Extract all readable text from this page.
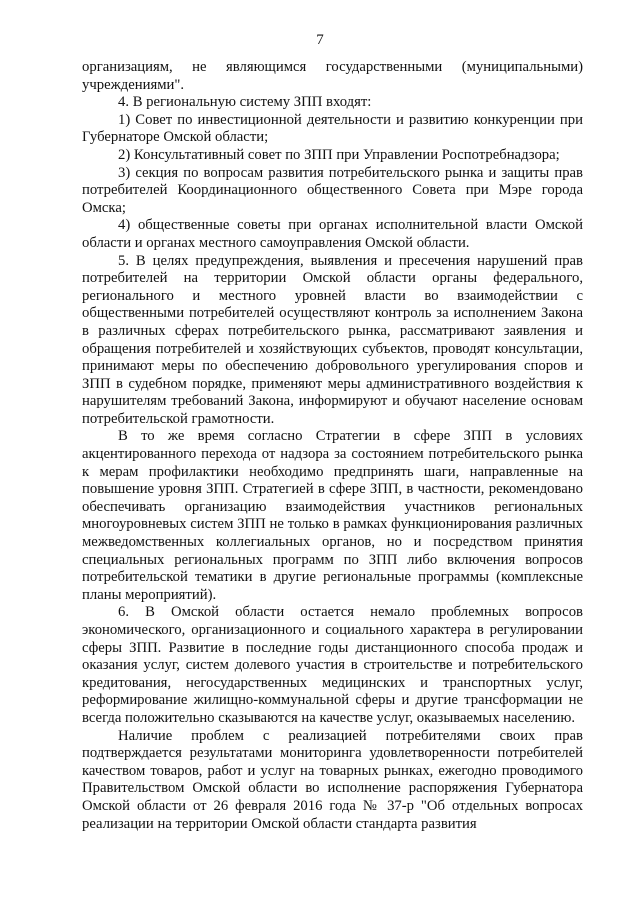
7

организациям, не являющимся государственными (муниципальными) учреждениями".

4. В региональную систему ЗПП входят:

1) Совет по инвестиционной деятельности и развитию конкуренции при Губернаторе Омской области;

2) Консультативный совет по ЗПП при Управлении Роспотребнадзора;

3) секция по вопросам развития потребительского рынка и защиты прав потребителей Координационного общественного Совета при Мэре города Омска;

4) общественные советы при органах исполнительной власти Омской области и органах местного самоуправления Омской области.

5. В целях предупреждения, выявления и пресечения нарушений прав потребителей на территории Омской области органы федерального, регионального и местного уровней власти во взаимодействии с общественными потребителей осуществляют контроль за исполнением Закона в различных сферах потребительского рынка, рассматривают заявления и обращения потребителей и хозяйствующих субъектов, проводят консультации, принимают меры по обеспечению добровольного урегулирования споров и ЗПП в судебном порядке, применяют меры административного воздействия к нарушителям требований Закона, информируют и обучают население основам потребительской грамотности.

В то же время согласно Стратегии в сфере ЗПП в условиях акцентированного перехода от надзора за состоянием потребительского рынка к мерам профилактики необходимо предпринять шаги, направленные на повышение уровня ЗПП. Стратегией в сфере ЗПП, в частности, рекомендовано обеспечивать организацию взаимодействия участников региональных многоуровневых систем ЗПП не только в рамках функционирования различных межведомственных коллегиальных органов, но и посредством принятия специальных региональных программ по ЗПП либо включения вопросов потребительской тематики в другие региональные программы (комплексные планы мероприятий).

6. В Омской области остается немало проблемных вопросов экономического, организационного и социального характера в регулировании сферы ЗПП. Развитие в последние годы дистанционного способа продаж и оказания услуг, систем долевого участия в строительстве и потребительского кредитования, негосударственных медицинских и транспортных услуг, реформирование жилищно-коммунальной сферы и другие трансформации не всегда положительно сказываются на качестве услуг, оказываемых населению.

Наличие проблем с реализацией потребителями своих прав подтверждается результатами мониторинга удовлетворенности потребителей качеством товаров, работ и услуг на товарных рынках, ежегодно проводимого Правительством Омской области во исполнение распоряжения Губернатора Омской области от 26 февраля 2016 года № 37-р "Об отдельных вопросах реализации на территории Омской области стандарта развития
